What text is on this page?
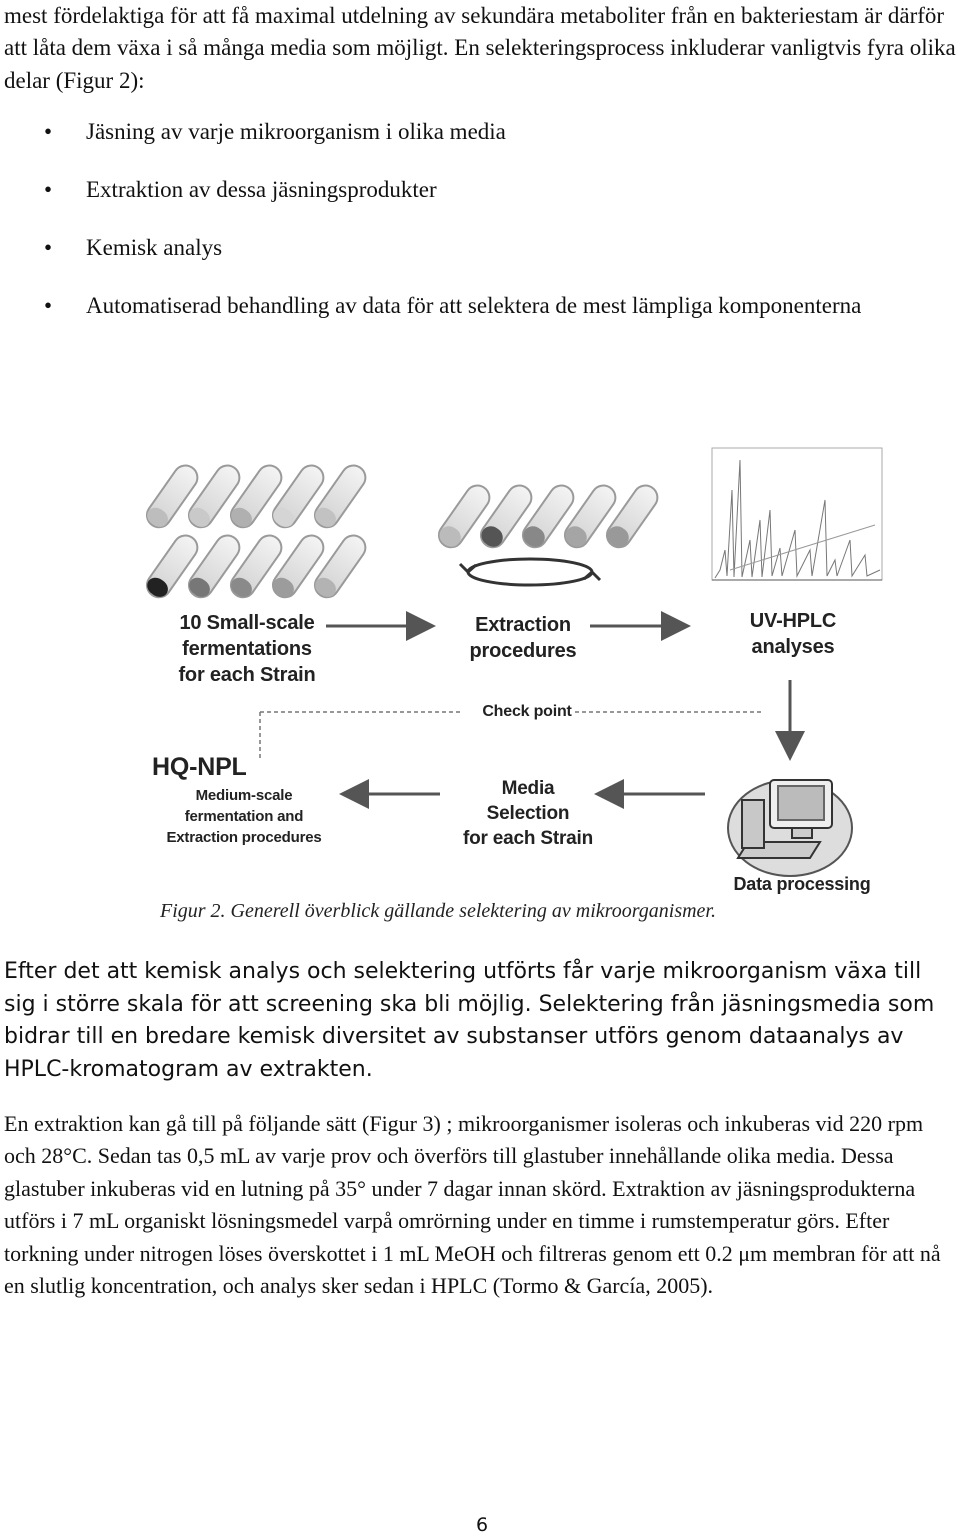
mest fördelaktiga för att få maximal utdelning av sekundära metaboliter från en bakteriestam är därför att låta dem växa i så många media som möjligt. En selekteringsprocess inkluderar vanligtvis fyra olika delar (Figur 2):

• Jäsning av varje mikroorganism i olika media
• Extraktion av dessa jäsningsprodukter
• Kemisk analys
• Automatiserad behandling av data för att selektera de mest lämpliga komponenterna
10 Small-scale
fermentations
for each Strain
Extraction
procedures
UV-HPLC
analyses
Check point
HQ-NPL
Medium-scale
fermentation and
Extraction procedures
Media
Selection
for each Strain
Data processing
Figur 2. Generell överblick gällande selektering av mikroorganismer.

Efter det att kemisk analys och selektering utförts får varje mikroorganism växa till sig i större skala för att screening ska bli möjlig. Selektering från jäsningsmedia som bidrar till en bredare kemisk diversitet av substanser utförs genom dataanalys av HPLC-kromatogram av extrakten.

En extraktion kan gå till på följande sätt (Figur 3) ; mikroorganismer isoleras och inkuberas vid 220 rpm och 28°C. Sedan tas 0,5 mL av varje prov och överförs till glastuber innehållande olika media. Dessa glastuber inkuberas vid en lutning på 35° under 7 dagar innan skörd. Extraktion av jäsningsprodukterna utförs i 7 mL organiskt lösningsmedel varpå omrörning under en timme i rumstemperatur görs. Efter torkning under nitrogen löses överskottet i 1 mL MeOH och filtreras genom ett 0.2 μm membran för att nå en slutlig koncentration, och analys sker sedan i HPLC (Tormo & García, 2005).

6
